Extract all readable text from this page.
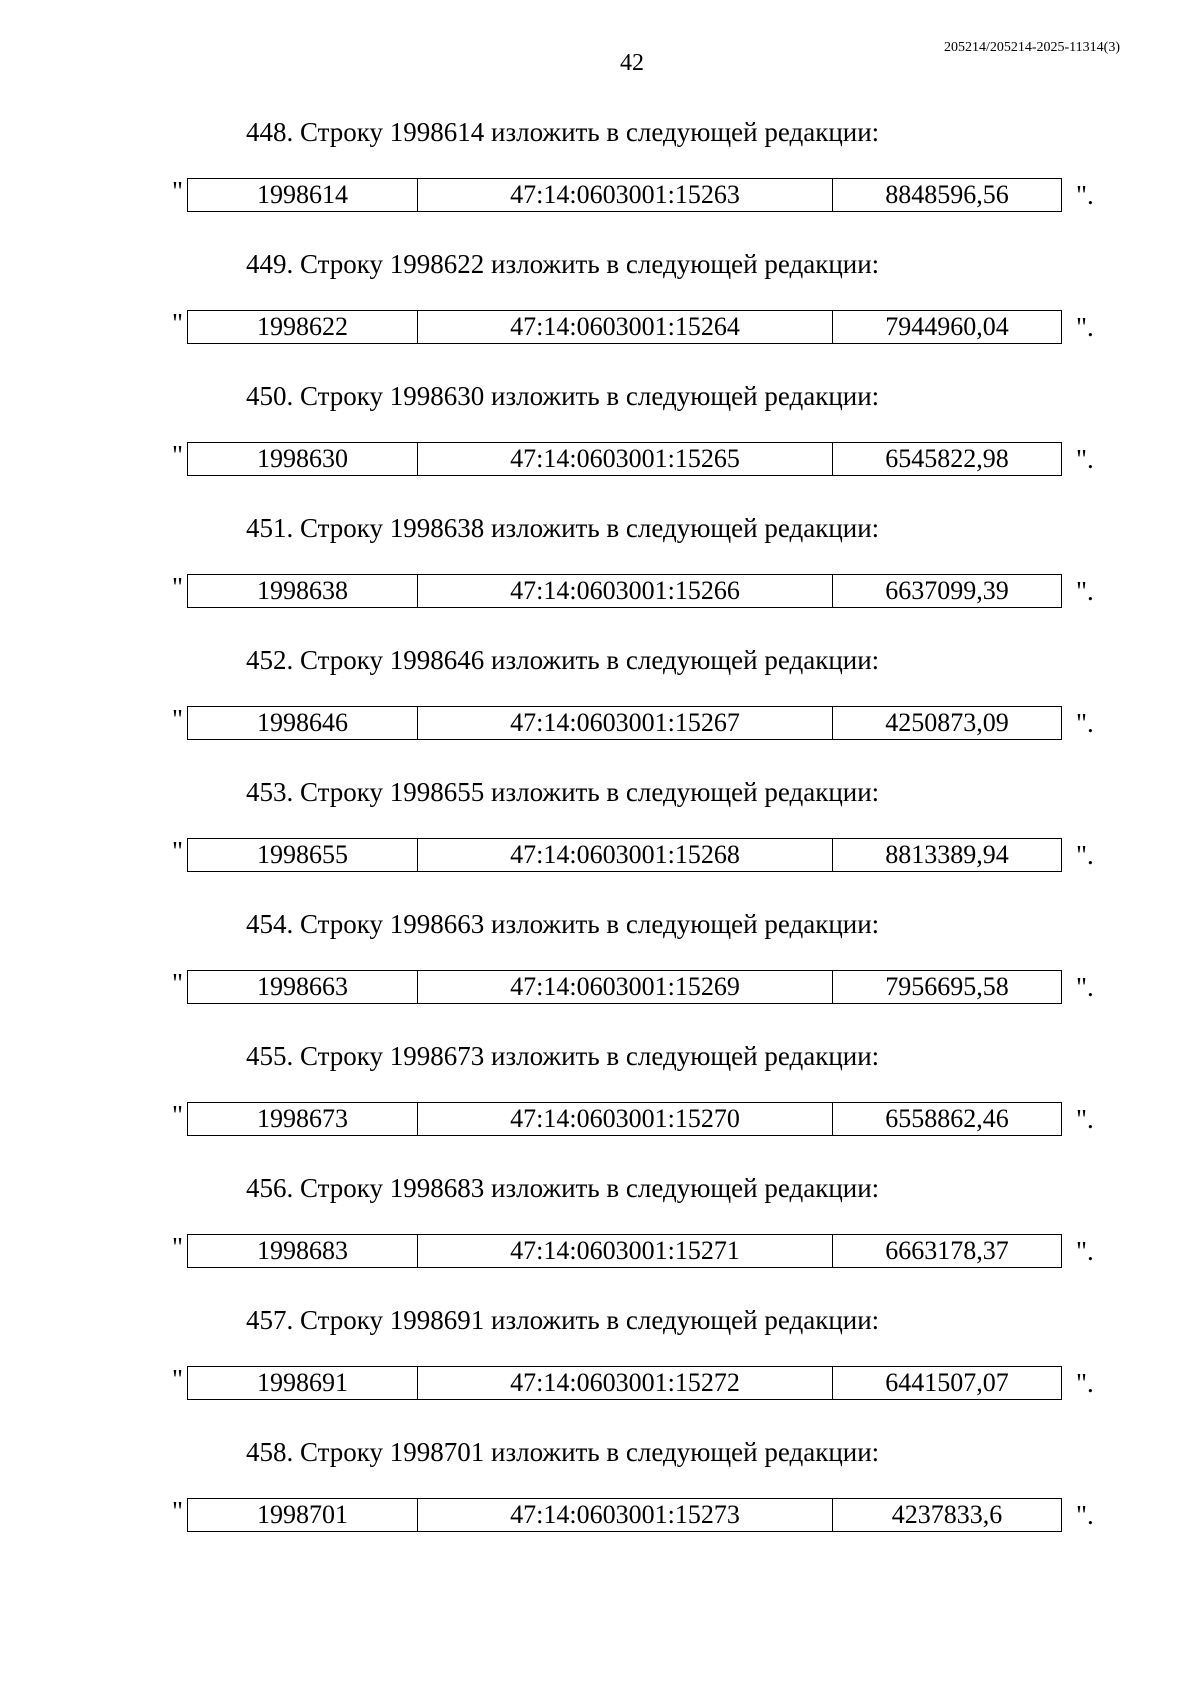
42
205214/205214-2025-11314(3)
448. Строку 1998614 изложить в следующей редакции:
"	1998614	47:14:0603001:15263	8848596,56 ".
449. Строку 1998622 изложить в следующей редакции:
"	1998622	47:14:0603001:15264	7944960,04 ".
450. Строку 1998630 изложить в следующей редакции:
"	1998630	47:14:0603001:15265	6545822,98 ".
451. Строку 1998638 изложить в следующей редакции:
"	1998638	47:14:0603001:15266	6637099,39 ".
452. Строку 1998646 изложить в следующей редакции:
"	1998646	47:14:0603001:15267	4250873,09 ".
453. Строку 1998655 изложить в следующей редакции:
"	1998655	47:14:0603001:15268	8813389,94 ".
454. Строку 1998663 изложить в следующей редакции:
"	1998663	47:14:0603001:15269	7956695,58 ".
455. Строку 1998673 изложить в следующей редакции:
"	1998673	47:14:0603001:15270	6558862,46 ".
456. Строку 1998683 изложить в следующей редакции:
"	1998683	47:14:0603001:15271	6663178,37 ".
457. Строку 1998691 изложить в следующей редакции:
"	1998691	47:14:0603001:15272	6441507,07 ".
458. Строку 1998701 изложить в следующей редакции:
"	1998701	47:14:0603001:15273	4237833,6	".
